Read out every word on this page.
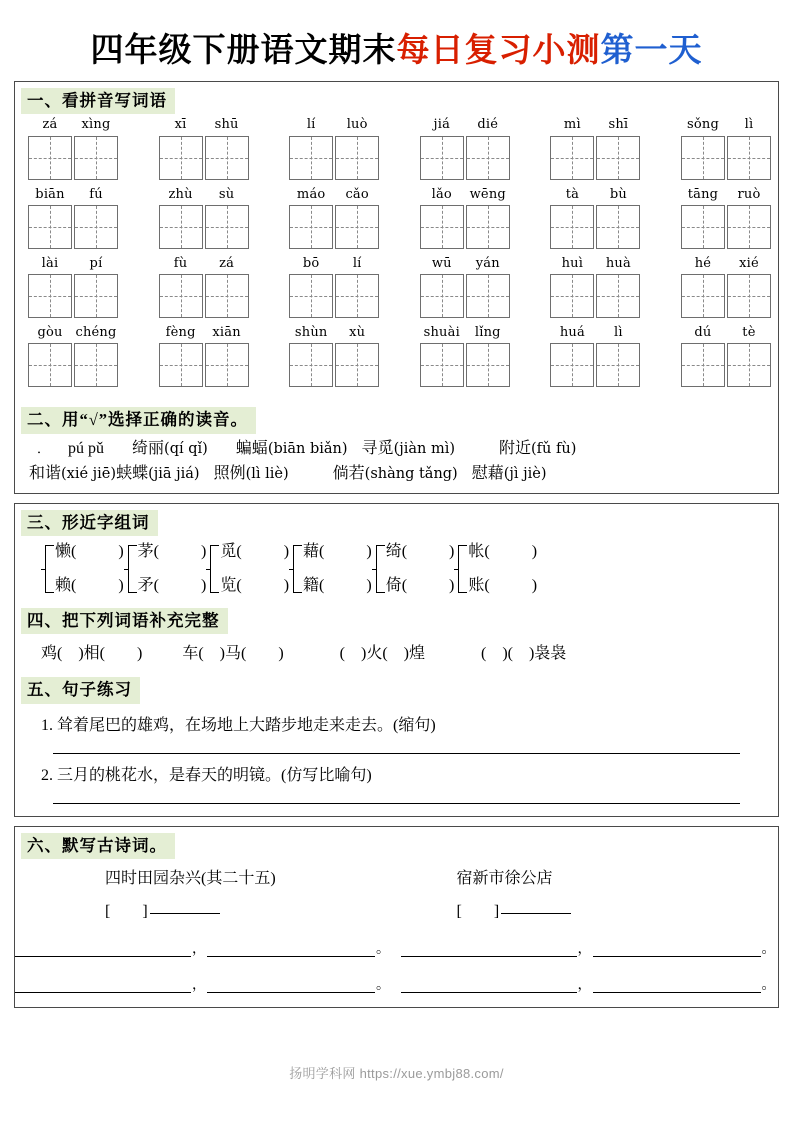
四年级下册语文期末每日复习小测第一天
一、看拼音写词语
zá	xìng	xī	shū	lí	luò	jiá	dié	mì	shī	sǒng	lì
biān	fú	zhù	sù	máo	cǎo	lǎo	wēng	tà	bù	tāng	ruò
lài	pí	fù	zá	bō	lí	wū	yán	huì	huà	hé	xié
gòu chéng	fèng	xiān	shùn	xù	shuài	lǐng	huá	lì	dú	tè
二、用“√”选择正确的读音。
． pú pǔ 绮丽(qí qǐ) 蝙蝠(biān biǎn) 寻觅(jiàn mì)	附近(fǔ fù)
和谐(xié jiē)蛱蝶(jiā jiá) 照例(lì liè)	倘若(shàng tǎng) 慰藉(jì jiè)
三、形近字组词
懒(	)
赖(	)
茅(	)
矛(	)
觅(	)
览(	)
藉(	)
籍(	)
绮(	)
倚(	)
帐(	)
账(	)
四、把下列词语补充完整
鸡(　)相(　　)	车(　)马(　　)	(　)火(　)煌	(　)(　)袅袅
五、句子练习
1. 耸着尾巴的雄鸡，在场地上大踏步地走来走去。(缩句)
2. 三月的桃花水，是春天的明镜。(仿写比喻句)
六、默写古诗词。
四时田园杂兴(其二十五)	宿新市徐公店
[　　]	[　　]
，	。	，	。
，	。	，	。
扬明学科网 https://xue.ymbj88.com/
